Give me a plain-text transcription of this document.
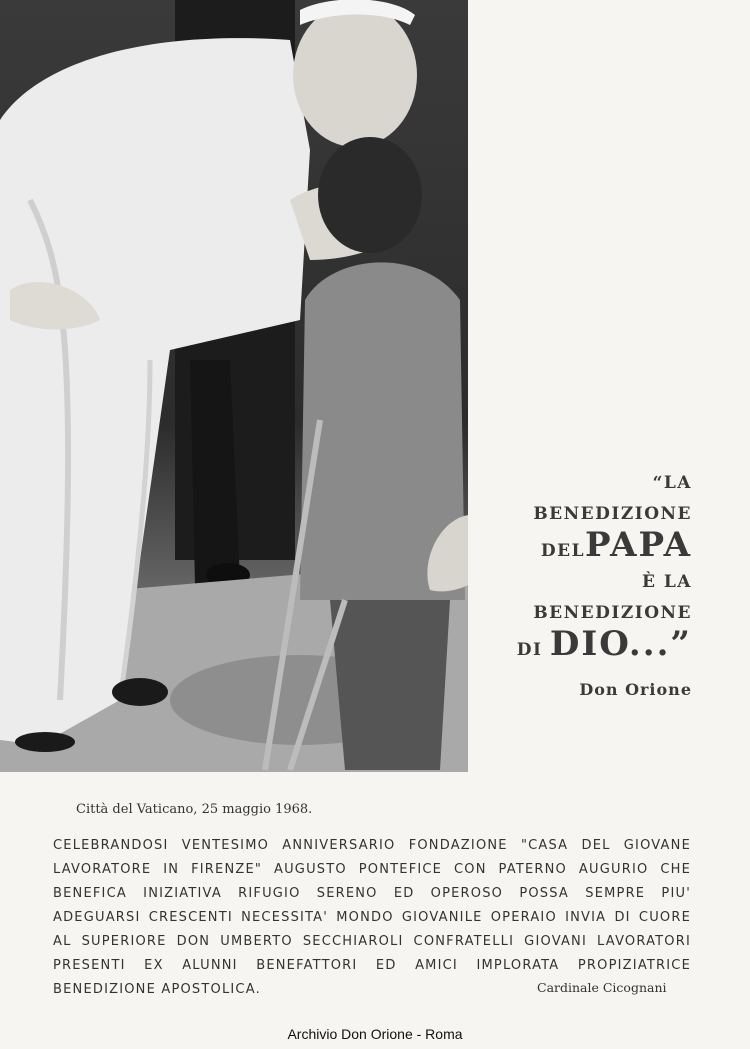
“LA
BENEDIZIONE
DELPAPA
È LA
BENEDIZIONE
DI DIO...”
Don Orione
Città del Vaticano, 25 maggio 1968.
CELEBRANDOSI VENTESIMO ANNIVERSARIO FONDAZIONE "CASA DEL GIOVANE
LAVORATORE IN FIRENZE" AUGUSTO PONTEFICE CON PATERNO AUGURIO CHE
BENEFICA INIZIATIVA RIFUGIO SERENO ED OPEROSO POSSA SEMPRE PIU'
ADEGUARSI CRESCENTI NECESSITA' MONDO GIOVANILE OPERAIO INVIA DI CUORE
AL SUPERIORE DON UMBERTO SECCHIAROLI CONFRATELLI GIOVANI LAVORATORI
PRESENTI EX ALUNNI BENEFATTORI ED AMICI IMPLORATA PROPIZIATRICE
BENEDIZIONE APOSTOLICA.	Cardinale Cicognani
Archivio Don Orione - Roma
